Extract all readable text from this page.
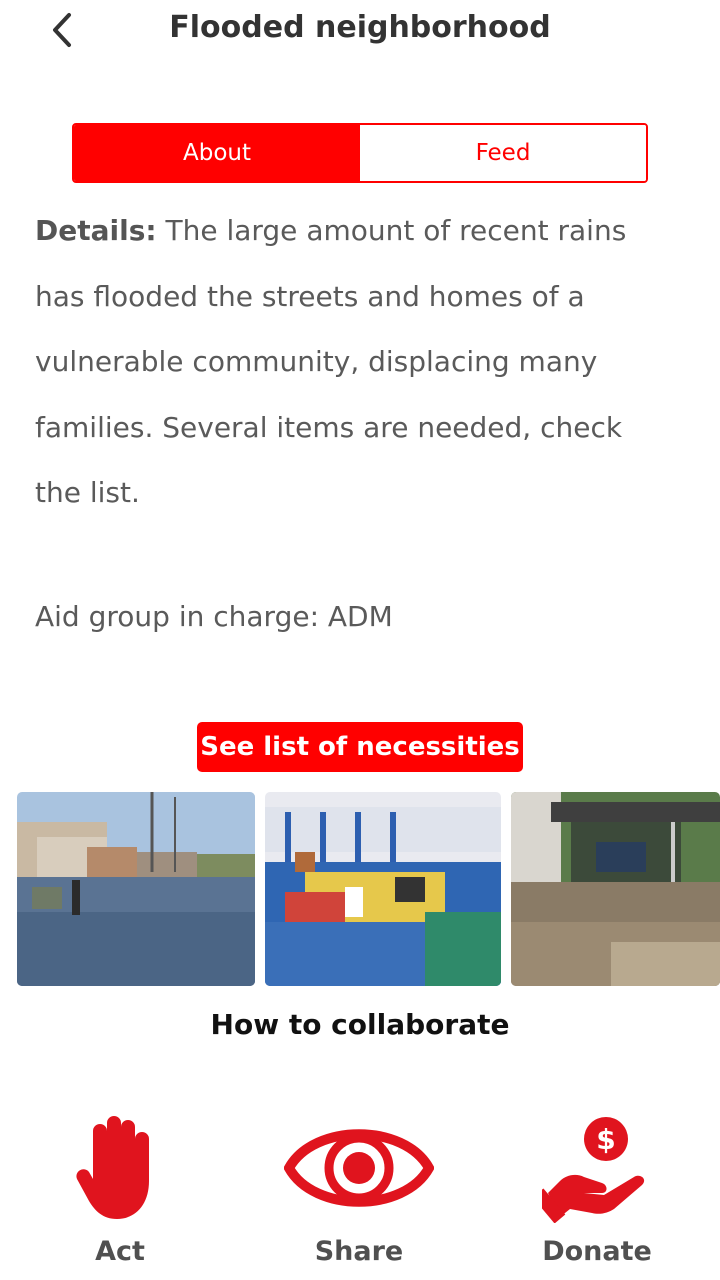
Flooded neighborhood
About	Feed
Details: The large amount of recent rains has flooded the streets and homes of a vulnerable community, displacing many families. Several items are needed, check the list.
Aid group in charge: ADM
See list of necessities
How to collaborate
Act	Share
$
Donate
